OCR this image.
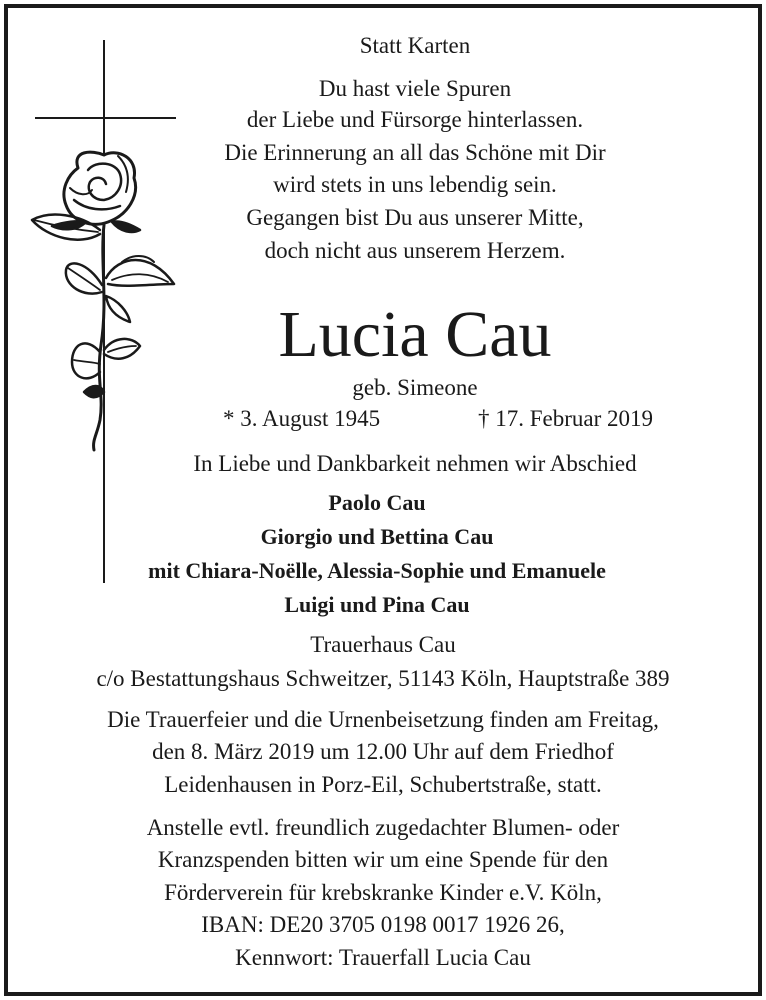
Statt Karten
Du hast viele Spuren
der Liebe und Fürsorge hinterlassen.
Die Erinnerung an all das Schöne mit Dir
wird stets in uns lebendig sein.
Gegangen bist Du aus unserer Mitte,
doch nicht aus unserem Herzem.
Lucia Cau
geb. Simeone
* 3. August 1945	† 17. Februar 2019
In Liebe und Dankbarkeit nehmen wir Abschied
Paolo Cau
Giorgio und Bettina Cau
mit Chiara-Noëlle, Alessia-Sophie und Emanuele
Luigi und Pina Cau
Trauerhaus Cau
c/o Bestattungshaus Schweitzer, 51143 Köln, Hauptstraße 389
Die Trauerfeier und die Urnenbeisetzung finden am Freitag,
den 8. März 2019 um 12.00 Uhr auf dem Friedhof
Leidenhausen in Porz-Eil, Schubertstraße, statt.
Anstelle evtl. freundlich zugedachter Blumen- oder
Kranzspenden bitten wir um eine Spende für den
Förderverein für krebskranke Kinder e.V. Köln,
IBAN: DE20 3705 0198 0017 1926 26,
Kennwort: Trauerfall Lucia Cau
